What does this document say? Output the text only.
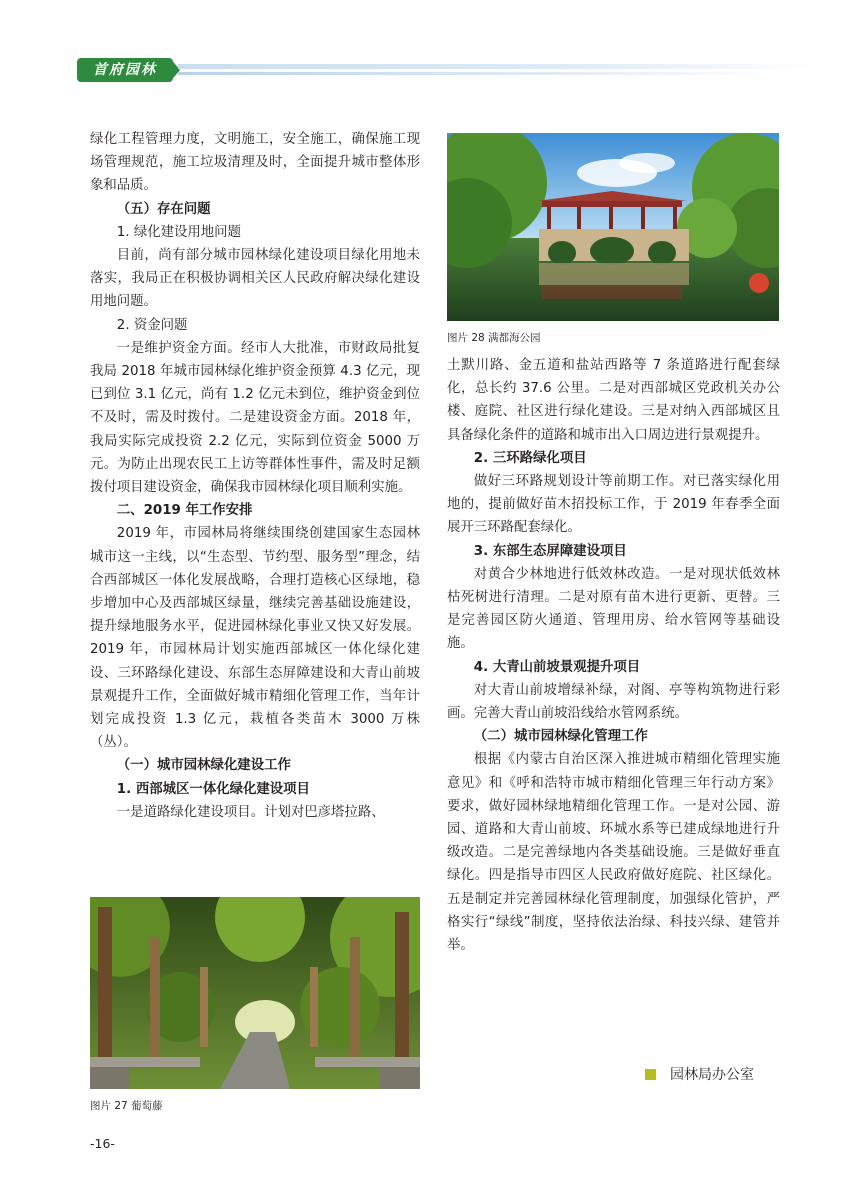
首府园林

绿化工程管理力度，文明施工，安全施工，确保施工现场管理规范，施工垃圾清理及时，全面提升城市整体形象和品质。

（五）存在问题

1. 绿化建设用地问题

目前，尚有部分城市园林绿化建设项目绿化用地未落实，我局正在积极协调相关区人民政府解决绿化建设用地问题。

2. 资金问题

一是维护资金方面。经市人大批准，市财政局批复我局 2018 年城市园林绿化维护资金预算 4.3 亿元，现已到位 3.1 亿元，尚有 1.2 亿元未到位，维护资金到位不及时，需及时拨付。二是建设资金方面。2018 年，我局实际完成投资 2.2 亿元，实际到位资金 5000 万元。为防止出现农民工上访等群体性事件，需及时足额拨付项目建设资金，确保我市园林绿化项目顺利实施。

二、2019 年工作安排

2019 年，市园林局将继续围绕创建国家生态园林城市这一主线，以“生态型、节约型、服务型”理念，结合西部城区一体化发展战略，合理打造核心区绿地，稳步增加中心及西部城区绿量，继续完善基础设施建设，提升绿地服务水平，促进园林绿化事业又快又好发展。2019 年，市园林局计划实施西部城区一体化绿化建设、三环路绿化建设、东部生态屏障建设和大青山前坡景观提升工作，全面做好城市精细化管理工作，当年计划完成投资 1.3 亿元，栽植各类苗木 3000 万株（丛）。

（一）城市园林绿化建设工作

1. 西部城区一体化绿化建设项目

一是道路绿化建设项目。计划对巴彦塔拉路、

土默川路、金五道和盐站西路等 7 条道路进行配套绿化，总长约 37.6 公里。二是对西部城区党政机关办公楼、庭院、社区进行绿化建设。三是对纳入西部城区且具备绿化条件的道路和城市出入口周边进行景观提升。

2. 三环路绿化项目

做好三环路规划设计等前期工作。对已落实绿化用地的，提前做好苗木招投标工作，于 2019 年春季全面展开三环路配套绿化。

3. 东部生态屏障建设项目

对黄合少林地进行低效林改造。一是对现状低效林枯死树进行清理。二是对原有苗木进行更新、更替。三是完善园区防火通道、管理用房、给水管网等基础设施。

4. 大青山前坡景观提升项目

对大青山前坡增绿补绿，对阁、亭等构筑物进行彩画。完善大青山前坡沿线给水管网系统。

（二）城市园林绿化管理工作

根据《内蒙古自治区深入推进城市精细化管理实施意见》和《呼和浩特市城市精细化管理三年行动方案》要求，做好园林绿地精细化管理工作。一是对公园、游园、道路和大青山前坡、环城水系等已建成绿地进行升级改造。二是完善绿地内各类基础设施。三是做好垂直绿化。四是指导市四区人民政府做好庭院、社区绿化。五是制定并完善园林绿化管理制度，加强绿化管护，严格实行“绿线”制度，坚持依法治绿、科技兴绿、建管并举。

图片 28 满都海公园
图片 27 葡萄藤
园林局办公室
-16-
